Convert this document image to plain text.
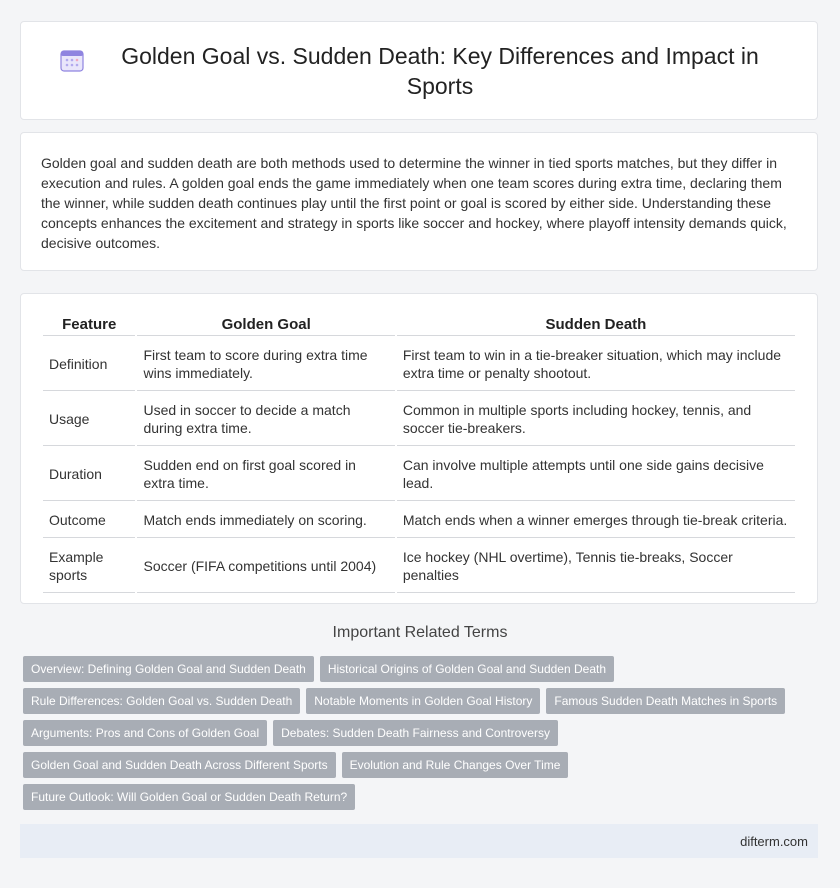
Golden Goal vs. Sudden Death: Key Differences and Impact in Sports

Golden goal and sudden death are both methods used to determine the winner in tied sports matches, but they differ in execution and rules. A golden goal ends the game immediately when one team scores during extra time, declaring them the winner, while sudden death continues play until the first point or goal is scored by either side. Understanding these concepts enhances the excitement and strategy in sports like soccer and hockey, where playoff intensity demands quick, decisive outcomes.

Feature	Golden Goal	Sudden Death
Definition	First team to score during extra time wins immediately.	First team to win in a tie-breaker situation, which may include extra time or penalty shootout.
Usage	Used in soccer to decide a match during extra time.	Common in multiple sports including hockey, tennis, and soccer tie-breakers.
Duration	Sudden end on first goal scored in extra time.	Can involve multiple attempts until one side gains decisive lead.
Outcome	Match ends immediately on scoring.	Match ends when a winner emerges through tie-break criteria.
Example sports	Soccer (FIFA competitions until 2004)	Ice hockey (NHL overtime), Tennis tie-breaks, Soccer penalties
Important Related Terms
Overview: Defining Golden Goal and Sudden Death	Historical Origins of Golden Goal and Sudden Death
Rule Differences: Golden Goal vs. Sudden Death	Notable Moments in Golden Goal History	Famous Sudden Death Matches in Sports
Arguments: Pros and Cons of Golden Goal	Debates: Sudden Death Fairness and Controversy
Golden Goal and Sudden Death Across Different Sports	Evolution and Rule Changes Over Time
Future Outlook: Will Golden Goal or Sudden Death Return?
difterm.com
